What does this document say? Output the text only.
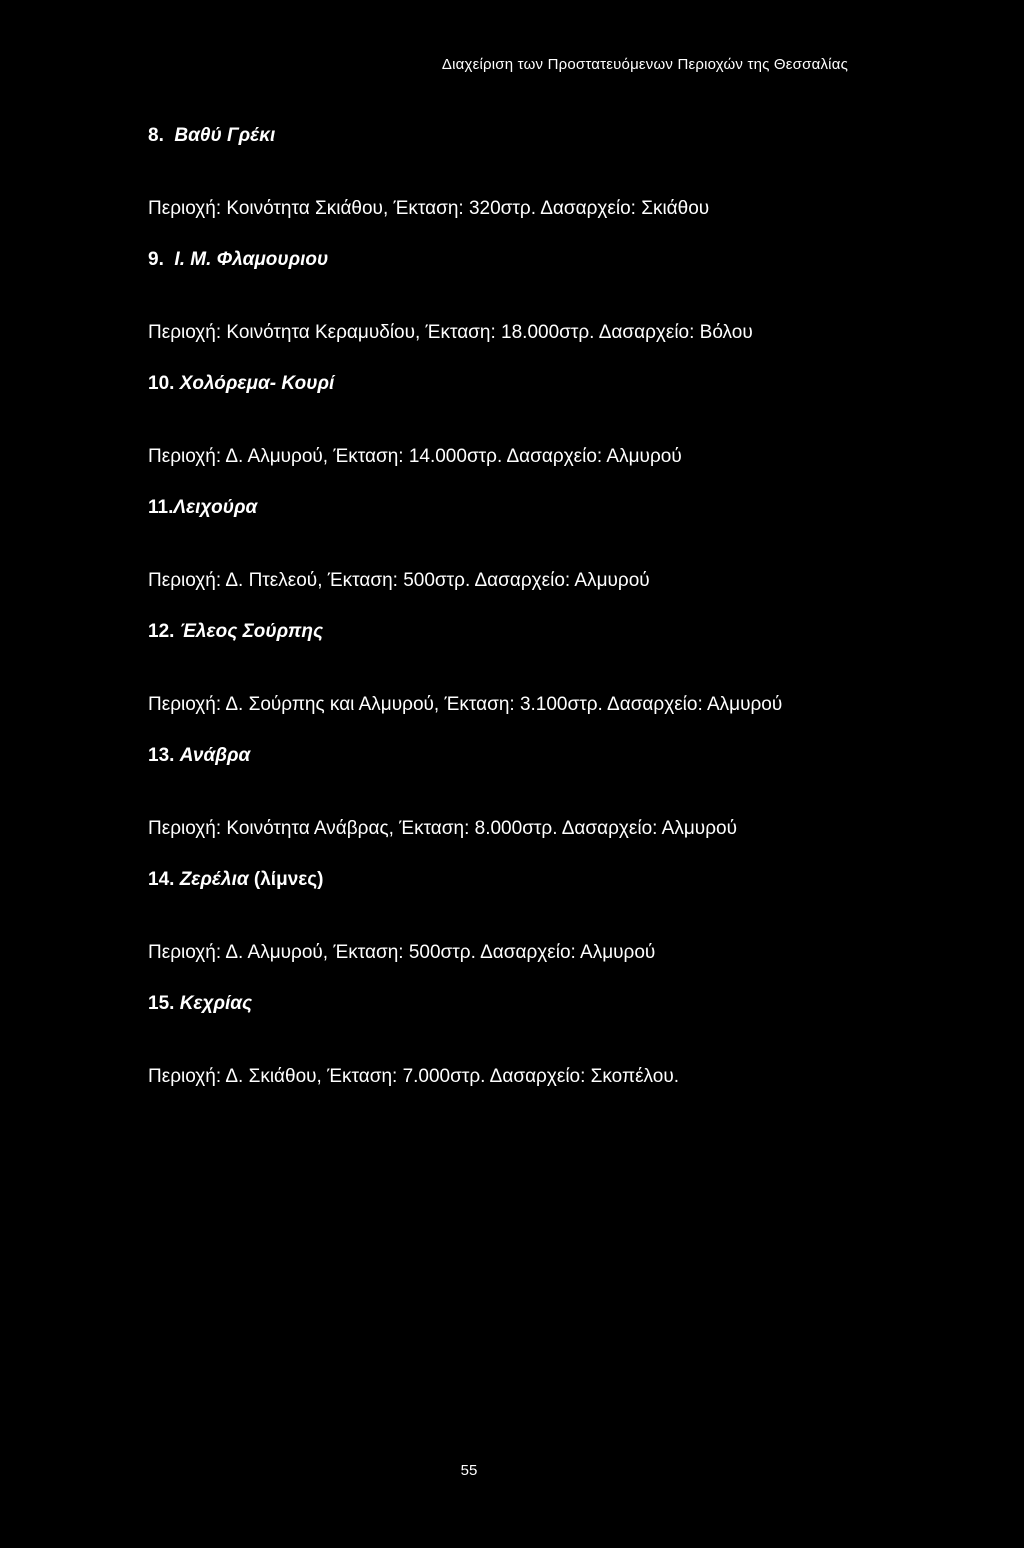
Διαχείριση των Προστατευόμενων Περιοχών της Θεσσαλίας
8. Βαθύ Γρέκι
Περιοχή: Κοινότητα Σκιάθου, Έκταση: 320στρ. Δασαρχείο: Σκιάθου
9. Ι. Μ. Φλαμουριου
Περιοχή: Κοινότητα Κεραμυδίου, Έκταση: 18.000στρ. Δασαρχείο: Βόλου
10. Χολόρεμα- Κουρί
Περιοχή: Δ. Αλμυρού, Έκταση: 14.000στρ. Δασαρχείο: Αλμυρού
11.Λειχούρα
Περιοχή: Δ. Πτελεού, Έκταση: 500στρ. Δασαρχείο: Αλμυρού
12. Έλεος Σούρπης
Περιοχή: Δ. Σούρπης και Αλμυρού, Έκταση: 3.100στρ. Δασαρχείο: Αλμυρού
13. Ανάβρα
Περιοχή: Κοινότητα Ανάβρας, Έκταση: 8.000στρ. Δασαρχείο: Αλμυρού
14. Ζερέλια (λίμνες)
Περιοχή: Δ. Αλμυρού, Έκταση: 500στρ. Δασαρχείο: Αλμυρού
15. Κεχρίας
Περιοχή: Δ. Σκιάθου, Έκταση: 7.000στρ. Δασαρχείο: Σκοπέλου.
55
